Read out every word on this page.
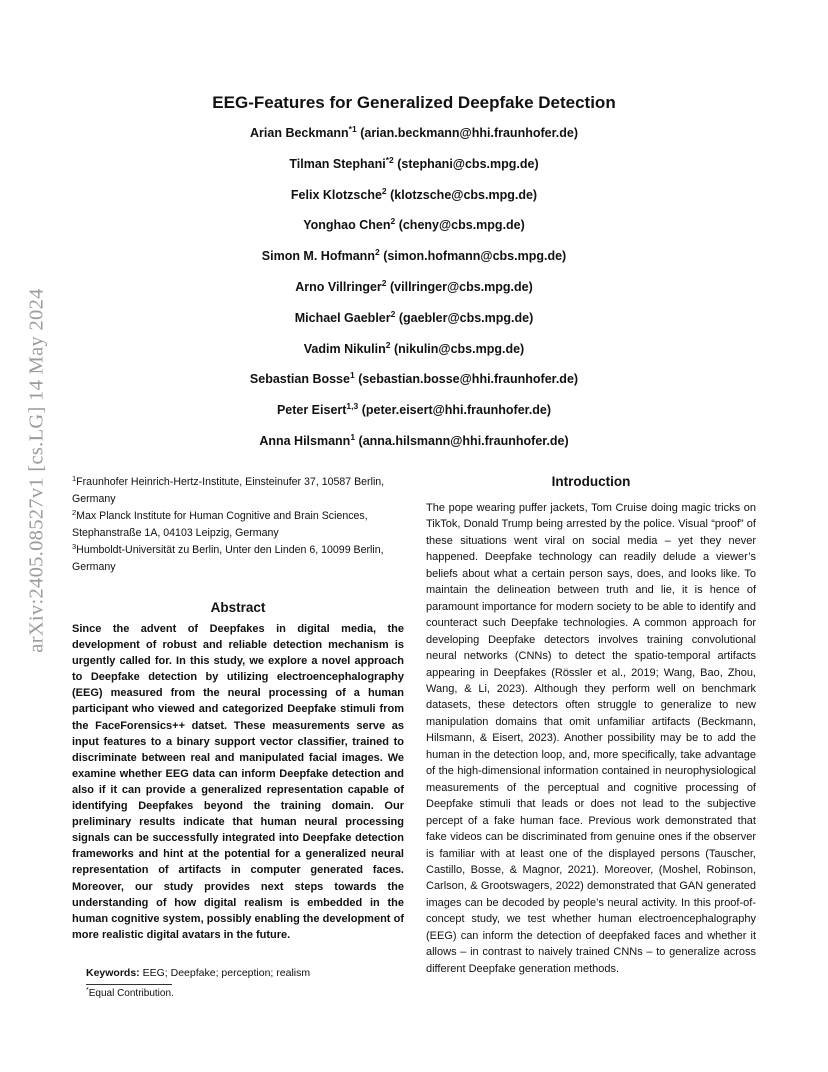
arXiv:2405.08527v1 [cs.LG] 14 May 2024
EEG-Features for Generalized Deepfake Detection
Arian Beckmann$^{*1}$ (arian.beckmann@hhi.fraunhofer.de)
Tilman Stephani$^{*2}$ (stephani@cbs.mpg.de)
Felix Klotzsche$^2$ (klotzsche@cbs.mpg.de)
Yonghao Chen$^2$ (cheny@cbs.mpg.de)
Simon M. Hofmann$^2$ (simon.hofmann@cbs.mpg.de)
Arno Villringer$^2$ (villringer@cbs.mpg.de)
Michael Gaebler$^2$ (gaebler@cbs.mpg.de)
Vadim Nikulin$^2$ (nikulin@cbs.mpg.de)
Sebastian Bosse$^1$ (sebastian.bosse@hhi.fraunhofer.de)
Peter Eisert$^{1,3}$ (peter.eisert@hhi.fraunhofer.de)
Anna Hilsmann$^1$ (anna.hilsmann@hhi.fraunhofer.de)

$^1$Fraunhofer Heinrich-Hertz-Institute, Einsteinufer 37, 10587 Berlin, Germany

$^2$Max Planck Institute for Human Cognitive and Brain Sciences, Stephanstraße 1A, 04103 Leipzig, Germany

$^3$Humboldt-Universität zu Berlin, Unter den Linden 6, 10099 Berlin, Germany

Abstract

Since the advent of Deepfakes in digital media, the development of robust and reliable detection mechanism is urgently called for. In this study, we explore a novel approach to Deepfake detection by utilizing electroencephalography (EEG) measured from the neural processing of a human participant who viewed and categorized Deepfake stimuli from the FaceForensics++ datset. These measurements serve as input features to a binary support vector classifier, trained to discriminate between real and manipulated facial images. We examine whether EEG data can inform Deepfake detection and also if it can provide a generalized representation capable of identifying Deepfakes beyond the training domain. Our preliminary results indicate that human neural processing signals can be successfully integrated into Deepfake detection frameworks and hint at the potential for a generalized neural representation of artifacts in computer generated faces. Moreover, our study provides next steps towards the understanding of how digital realism is embedded in the human cognitive system, possibly enabling the development of more realistic digital avatars in the future.

Keywords: EEG; Deepfake; perception; realism
*Equal Contribution.
Introduction

The pope wearing puffer jackets, Tom Cruise doing magic tricks on TikTok, Donald Trump being arrested by the police. Visual “proof” of these situations went viral on social media – yet they never happened. Deepfake technology can readily delude a viewer’s beliefs about what a certain person says, does, and looks like. To maintain the delineation between truth and lie, it is hence of paramount importance for modern society to be able to identify and counteract such Deepfake technologies. A common approach for developing Deepfake detectors involves training convolutional neural networks (CNNs) to detect the spatio-temporal artifacts appearing in Deepfakes (Rössler et al., 2019; Wang, Bao, Zhou, Wang, & Li, 2023). Although they perform well on benchmark datasets, these detectors often struggle to generalize to new manipulation domains that omit unfamiliar artifacts (Beckmann, Hilsmann, & Eisert, 2023). Another possibility may be to add the human in the detection loop, and, more specifically, take advantage of the high-dimensional information contained in neurophysiological measurements of the perceptual and cognitive processing of Deepfake stimuli that leads or does not lead to the subjective percept of a fake human face. Previous work demonstrated that fake videos can be discriminated from genuine ones if the observer is familiar with at least one of the displayed persons (Tauscher, Castillo, Bosse, & Magnor, 2021). Moreover, (Moshel, Robinson, Carlson, & Grootswagers, 2022) demonstrated that GAN generated images can be decoded by people’s neural activity. In this proof-of-concept study, we test whether human electroencephalography (EEG) can inform the detection of deepfaked faces and whether it allows – in contrast to naively trained CNNs – to generalize across different Deepfake generation methods.
